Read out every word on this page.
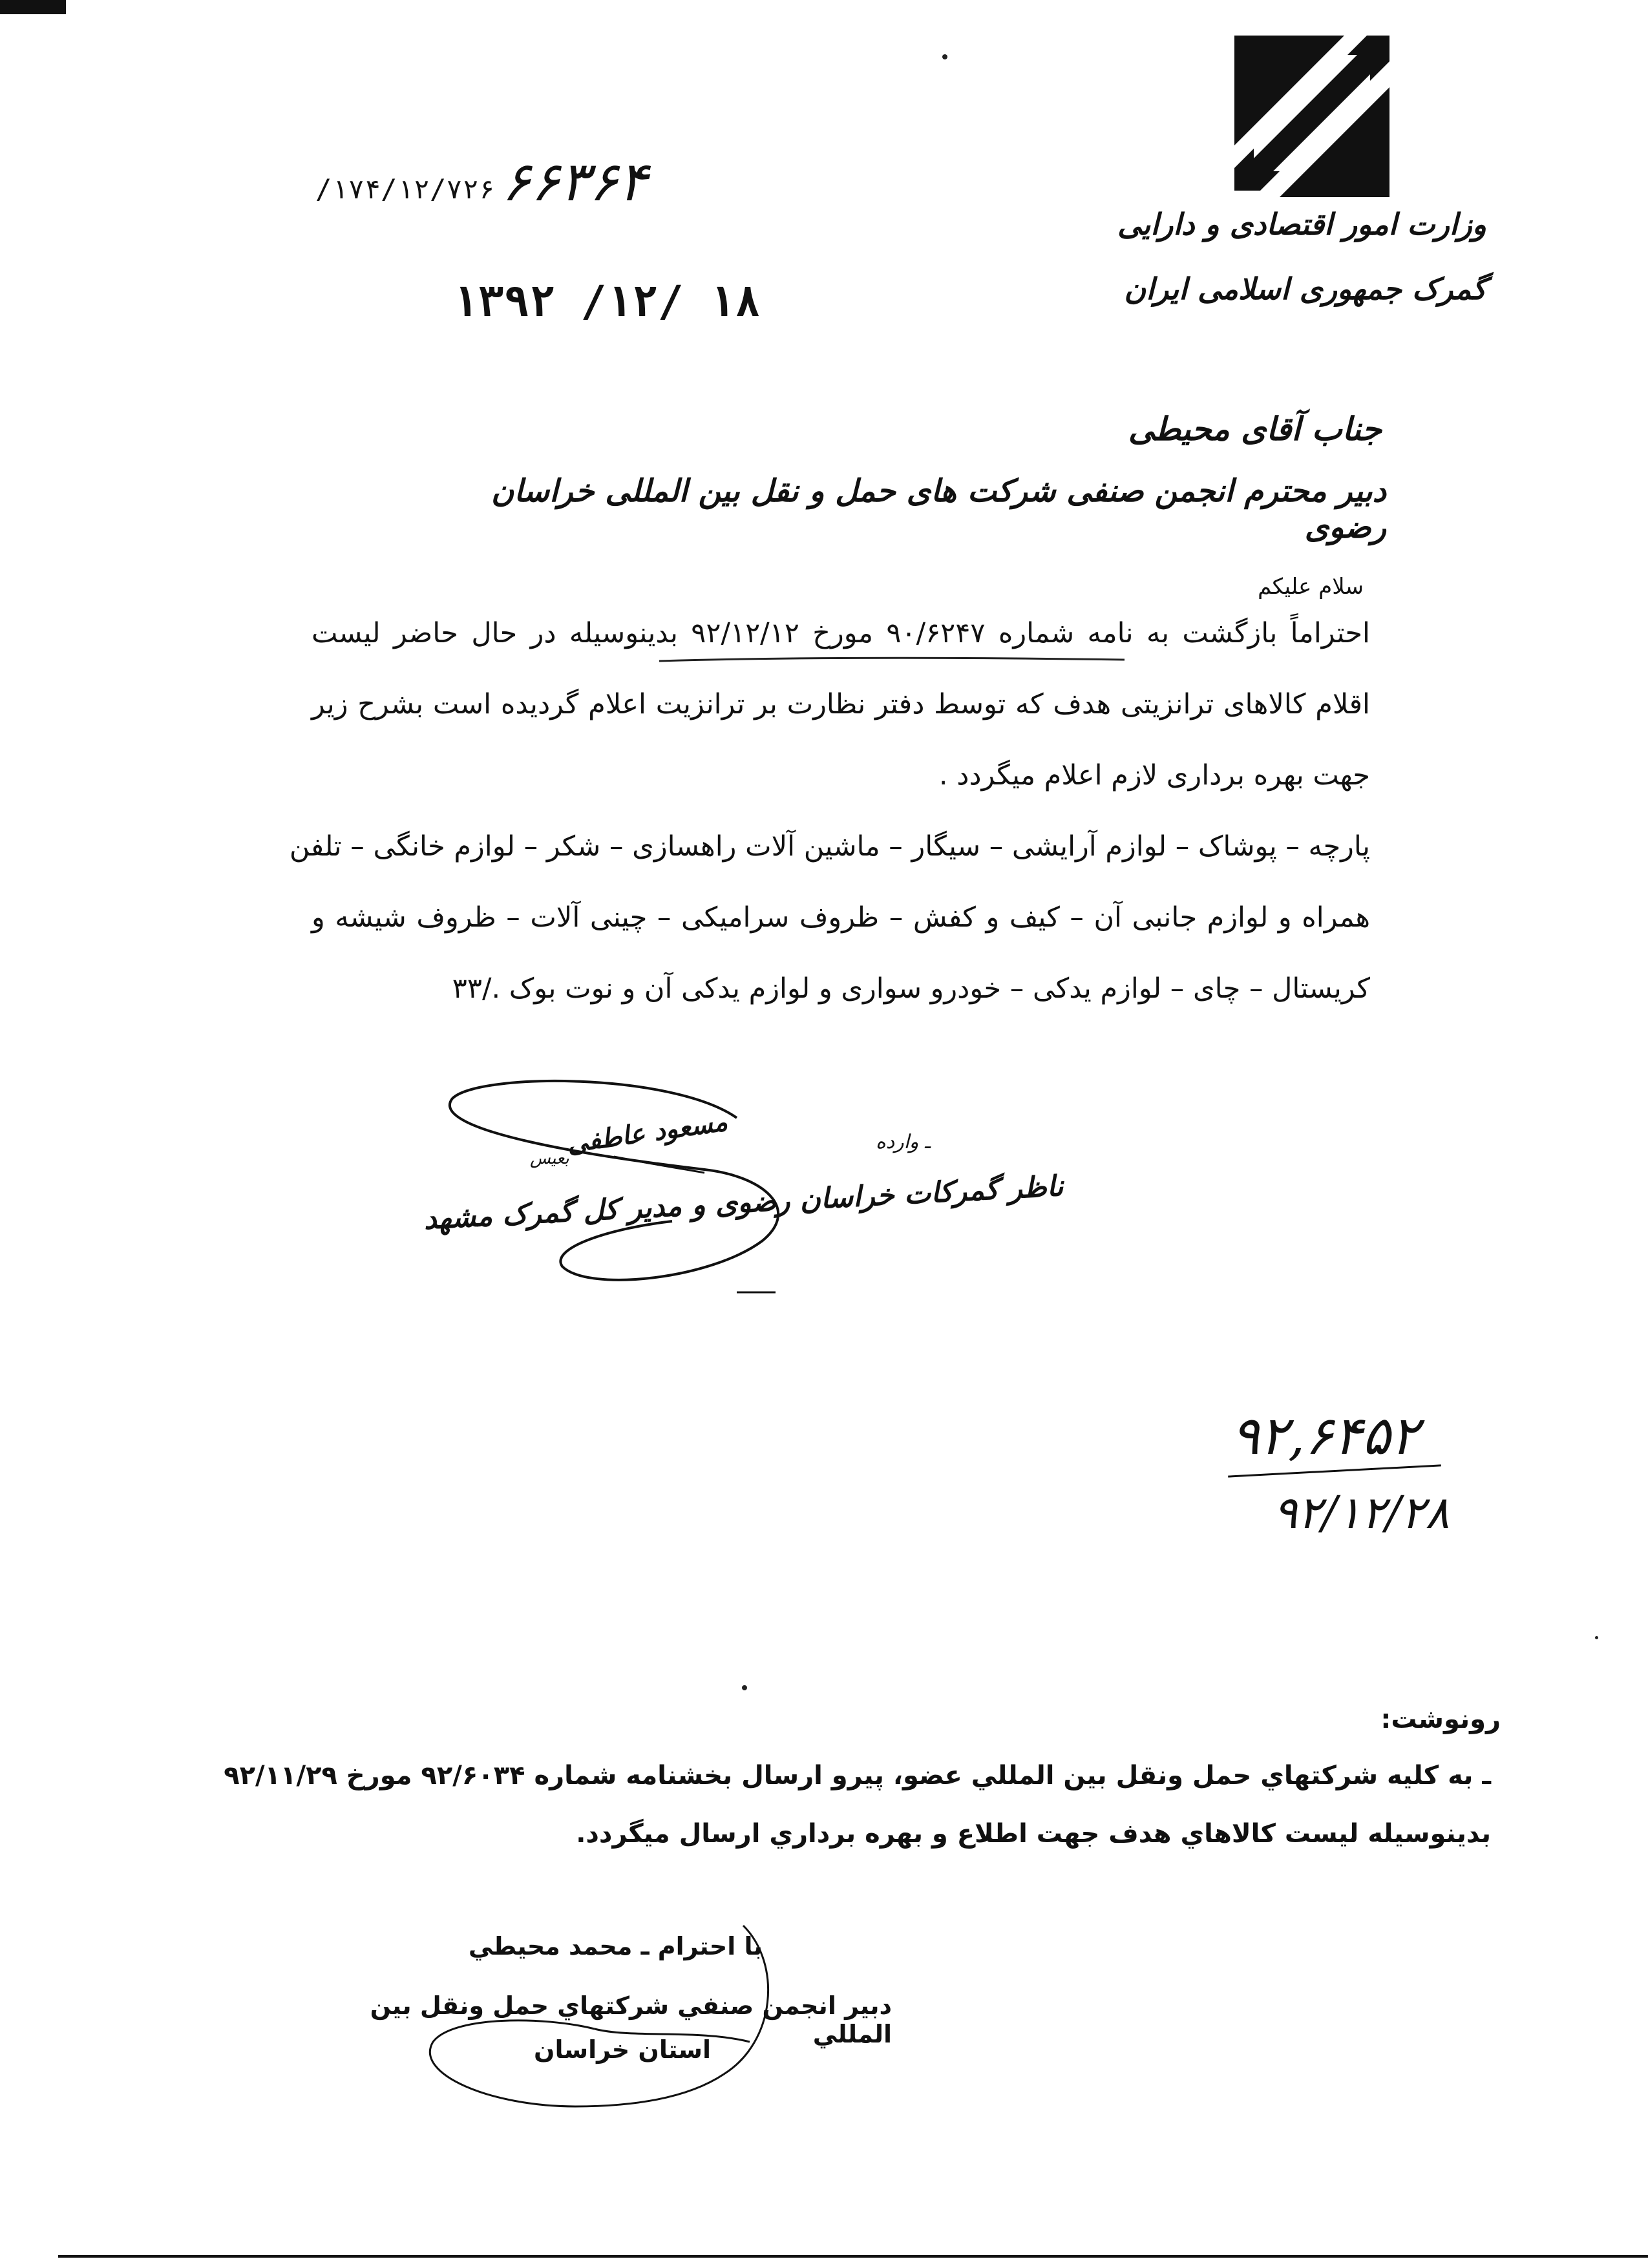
وزارت امور اقتصادی و دارایی
گمرک جمهوری اسلامی ایران
۱۷۴/۱۲/۷۲۶/ ۶۶۳۶۴
۱۳۹۲ /۱۲/ ۱۸
جناب آقای محیطی
دبیر محترم انجمن صنفی شرکت های حمل و نقل بین المللی خراسان رضوی
سلام علیکم
احتراماً بازگشت به نامه شماره ۹۰/۶۲۴۷ مورخ ۹۲/۱۲/۱۲ بدینوسیله در حال حاضر لیست
اقلام کالاهای ترانزیتی هدف که توسط دفتر نظارت بر ترانزیت اعلام گردیده است بشرح زیر
جهت بهره برداری لازم اعلام میگردد .
پارچه – پوشاک – لوازم آرایشی – سیگار – ماشین آلات راهسازی – شکر – لوازم خانگی – تلفن
همراه و لوازم جانبی آن – کیف و کفش – ظروف سرامیکی – چینی آلات – ظروف شیشه و
کریستال – چای – لوازم یدکی – خودرو سواری و لوازم یدکی آن و نوت بوک ./۳۳
مسعود عاطفی
بعیس
ناظر گمرکات خراسان رضوی و مدیر کل گمرک مشهد
ـ وارده
۹۲,۶۴۵۲
۹۲/۱۲/۲۸
رونوشت:
ـ به كليه شركتهاي حمل ونقل بين المللي عضو، پيرو ارسال بخشنامه شماره ۹۲/۶۰۳۴ مورخ ۹۲/۱۱/۲۹
بدينوسيله ليست كالاهاي هدف جهت اطلاع و بهره برداري ارسال ميگردد.
با احترام ـ محمد محيطي
دبير انجمن صنفي شركتهاي حمل ونقل بين المللي
استان خراسان
